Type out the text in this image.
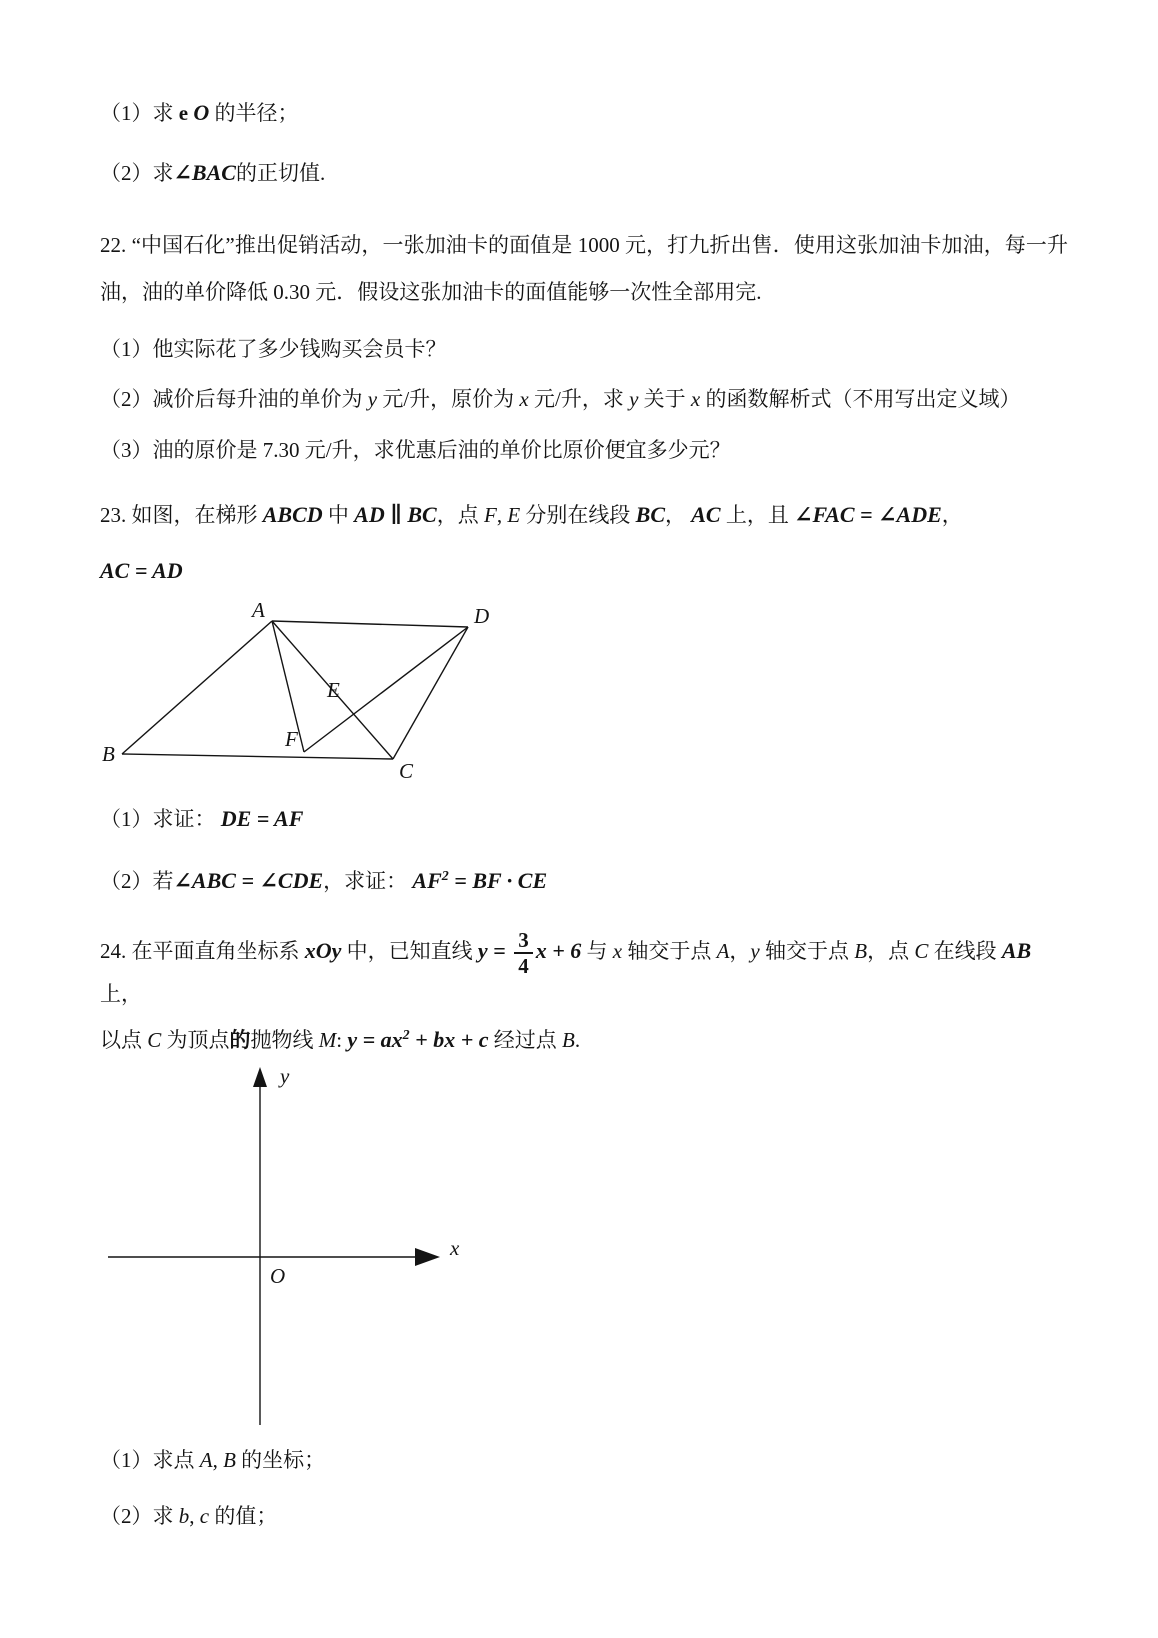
（1）求 e O 的半径；
（2）求∠BAC的正切值.
22. “中国石化”推出促销活动，一张加油卡的面值是 1000 元，打九折出售．使用这张加油卡加油，每一升油，油的单价降低 0.30 元．假设这张加油卡的面值能够一次性全部用完.
（1）他实际花了多少钱购买会员卡？
（2）减价后每升油的单价为 y 元/升，原价为 x 元/升，求 y 关于 x 的函数解析式（不用写出定义域）
（3）油的原价是 7.30 元/升，求优惠后油的单价比原价便宜多少元？
23. 如图，在梯形 ABCD 中 AD ∥ BC，点 F, E 分别在线段 BC， AC 上，且 ∠FAC = ∠ADE，
AC = AD
A	D
B
C
E
F
（1）求证： DE = AF
（2）若∠ABC = ∠CDE，求证： $AF^2$ = BF · CE
24. 在平面直角坐标系 xOy 中，已知直线 $y = \frac{3}{4}$ x + 6 与 x 轴交于点 A，y 轴交于点 B，点 C 在线段 AB 上，
以点 C 为顶点的抛物线 M: $y = ax^2$ + bx + c 经过点 B.
y
x
O
（1）求点 A, B 的坐标；
（2）求 b, c 的值；
